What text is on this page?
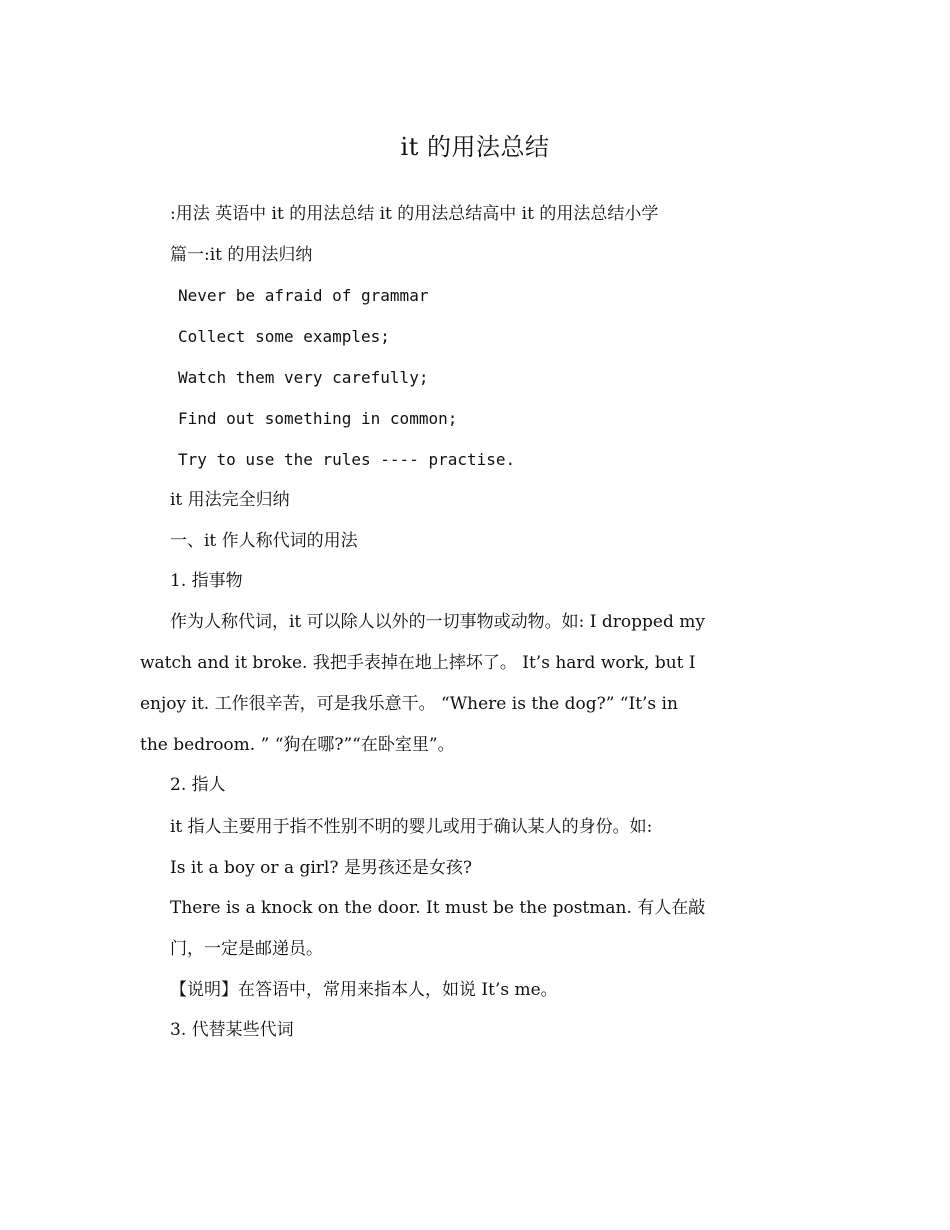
it 的用法总结
:用法 英语中 it 的用法总结 it 的用法总结高中 it 的用法总结小学
篇一:it 的用法归纳
Never be afraid of grammar
Collect some examples;
Watch them very carefully;
Find out something in common;
Try to use the rules ---- practise.
it 用法完全归纳
一、it 作人称代词的用法
1. 指事物
作为人称代词，it 可以除人以外的一切事物或动物。如: I dropped my
watch and it broke. 我把手表掉在地上摔坏了。 It’s hard work, but I
enjoy it. 工作很辛苦，可是我乐意干。 “Where is the dog?” “It’s in
the bedroom. ” “狗在哪?”“在卧室里”。
2. 指人
it 指人主要用于指不性别不明的婴儿或用于确认某人的身份。如:
Is it a boy or a girl? 是男孩还是女孩?
There is a knock on the door. It must be the postman. 有人在敲
门，一定是邮递员。
【说明】在答语中，常用来指本人，如说 It’s me。
3. 代替某些代词
